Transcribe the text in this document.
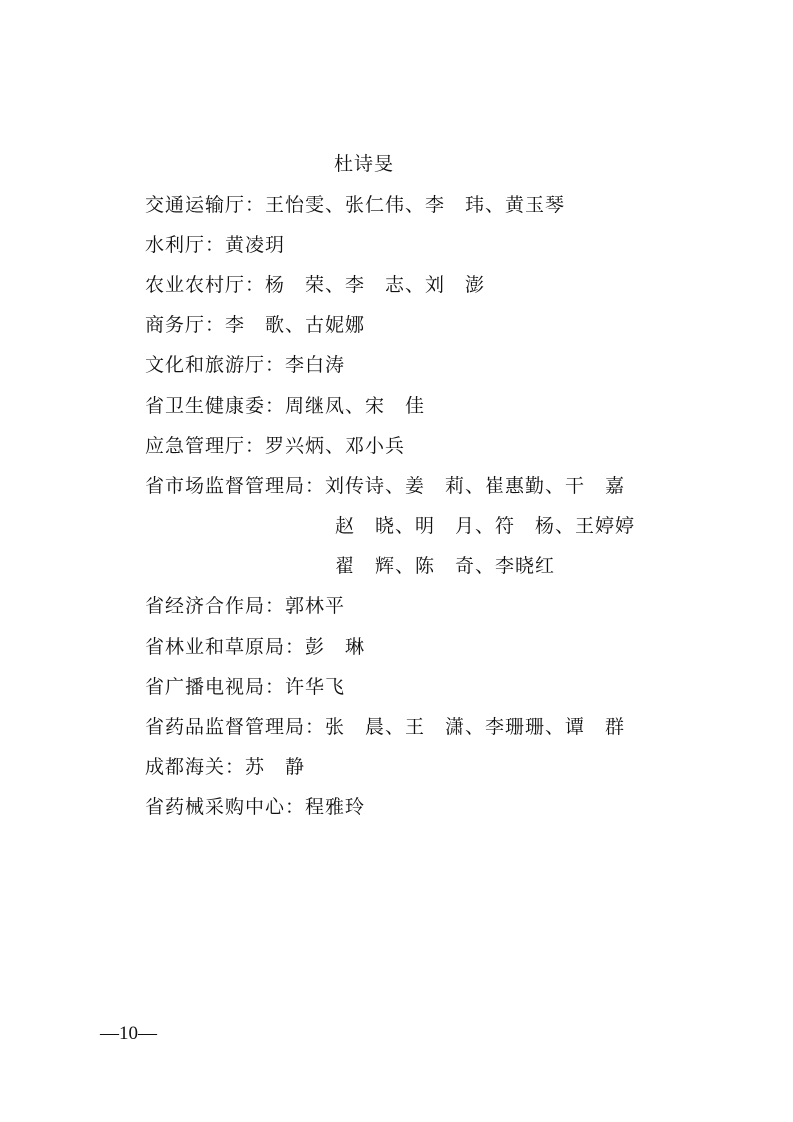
杜诗旻
交通运输厅：王怡雯、张仁伟、李　玮、黄玉琴
水利厅：黄凌玥
农业农村厅：杨　荣、李　志、刘　澎
商务厅：李　歌、古妮娜
文化和旅游厅：李白涛
省卫生健康委：周继凤、宋　佳
应急管理厅：罗兴炳、邓小兵
省市场监督管理局：刘传诗、姜　莉、崔惠勤、干　嘉
赵　晓、明　月、符　杨、王婷婷
翟　辉、陈　奇、李晓红
省经济合作局：郭林平
省林业和草原局：彭　琳
省广播电视局：许华飞
省药品监督管理局：张　晨、王　潇、李珊珊、谭　群
成都海关：苏　静
省药械采购中心：程雅玲
—10—
